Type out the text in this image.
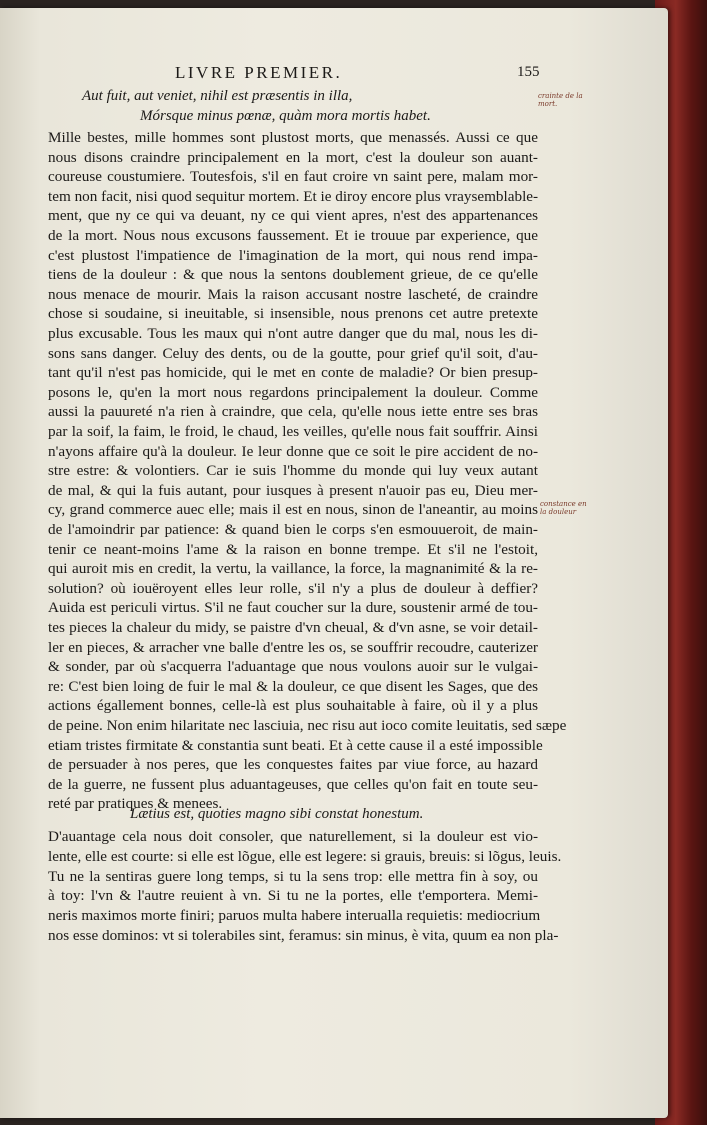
LIVRE PREMIER.	155
crainte de la mort.
constance en la douleur
Aut fuit, aut veniet, nihil est præsentis in illa,
Mórsque minus pœnæ, quàm mora mortis habet.
Mille bestes, mille hommes sont plustost morts, que menassés. Aussi ce que
nous disons craindre principalement en la mort, c'est la douleur son auant-
coureuse coustumiere. Toutesfois, s'il en faut croire vn saint pere, malam mor-
tem non facit, nisi quod sequitur mortem. Et ie diroy encore plus vraysemblable-
ment, que ny ce qui va deuant, ny ce qui vient apres, n'est des appartenances
de la mort. Nous nous excusons faussement. Et ie trouue par experience, que
c'est plustost l'impatience de l'imagination de la mort, qui nous rend impa-
tiens de la douleur : & que nous la sentons doublement grieue, de ce qu'elle
nous menace de mourir. Mais la raison accusant nostre lascheté, de craindre
chose si soudaine, si ineuitable, si insensible, nous prenons cet autre pretexte
plus excusable. Tous les maux qui n'ont autre danger que du mal, nous les di-
sons sans danger. Celuy des dents, ou de la goutte, pour grief qu'il soit, d'au-
tant qu'il n'est pas homicide, qui le met en conte de maladie? Or bien presup-
posons le, qu'en la mort nous regardons principalement la douleur. Comme
aussi la pauureté n'a rien à craindre, que cela, qu'elle nous iette entre ses bras
par la soif, la faim, le froid, le chaud, les veilles, qu'elle nous fait souffrir. Ainsi
n'ayons affaire qu'à la douleur. Ie leur donne que ce soit le pire accident de no-
stre estre: & volontiers. Car ie suis l'homme du monde qui luy veux autant
de mal, & qui la fuis autant, pour iusques à present n'auoir pas eu, Dieu mer-
cy, grand commerce auec elle; mais il est en nous, sinon de l'aneantir, au moins
de l'amoindrir par patience: & quand bien le corps s'en esmouueroit, de main-
tenir ce neant-moins l'ame & la raison en bonne trempe. Et s'il ne l'estoit,
qui auroit mis en credit, la vertu, la vaillance, la force, la magnanimité & la re-
solution? où iouëroyent elles leur rolle, s'il n'y a plus de douleur à deffier?
Auida est periculi virtus. S'il ne faut coucher sur la dure, soustenir armé de tou-
tes pieces la chaleur du midy, se paistre d'vn cheual, & d'vn asne, se voir detail-
ler en pieces, & arracher vne balle d'entre les os, se souffrir recoudre, cauterizer
& sonder, par où s'acquerra l'aduantage que nous voulons auoir sur le vulgai-
re: C'est bien loing de fuir le mal & la douleur, ce que disent les Sages, que des
actions égallement bonnes, celle-là est plus souhaitable à faire, où il y a plus
de peine. Non enim hilaritate nec lasciuia, nec risu aut ioco comite leuitatis, sed sæpe
etiam tristes firmitate & constantia sunt beati. Et à cette cause il a esté impossible
de persuader à nos peres, que les conquestes faites par viue force, au hazard
de la guerre, ne fussent plus aduantageuses, que celles qu'on fait en toute seu-
reté par pratiques & menees.
Lætius est, quoties magno sibi constat honestum.
D'auantage cela nous doit consoler, que naturellement, si la douleur est vio-
lente, elle est courte: si elle est lõgue, elle est legere: si grauis, breuis: si lõgus, leuis.
Tu ne la sentiras guere long temps, si tu la sens trop: elle mettra fin à soy, ou
à toy: l'vn & l'autre reuient à vn. Si tu ne la portes, elle t'emportera. Memi-
neris maximos morte finiri; paruos multa habere interualla requietis: mediocrium
nos esse dominos: vt si tolerabiles sint, feramus: sin minus, è vita, quum ea non pla-
